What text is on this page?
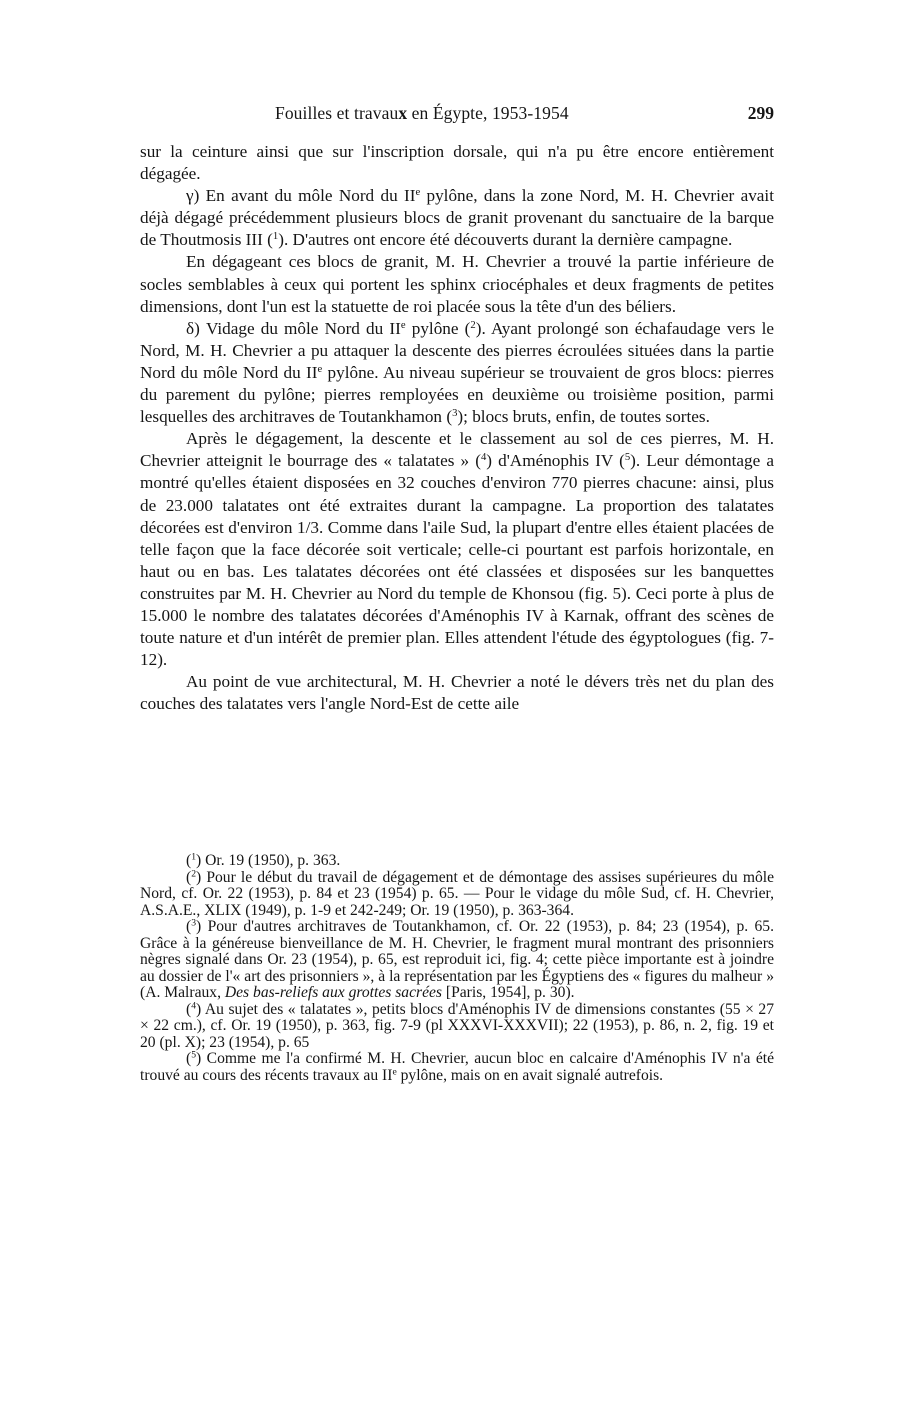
Fouilles et travaux en Égypte, 1953-1954	299

sur la ceinture ainsi que sur l'inscription dorsale, qui n'a pu être encore entièrement dégagée.

γ) En avant du môle Nord du IIe pylône, dans la zone Nord, M. H. Chevrier avait déjà dégagé précédemment plusieurs blocs de granit provenant du sanctuaire de la barque de Thoutmosis III ($^1$). D'autres ont encore été découverts durant la dernière campagne.

En dégageant ces blocs de granit, M. H. Chevrier a trouvé la partie inférieure de socles semblables à ceux qui portent les sphinx criocéphales et deux fragments de petites dimensions, dont l'un est la statuette de roi placée sous la tête d'un des béliers.

δ) Vidage du môle Nord du IIe pylône ($^2$). Ayant prolongé son échafaudage vers le Nord, M. H. Chevrier a pu attaquer la descente des pierres écroulées situées dans la partie Nord du môle Nord du IIe pylône. Au niveau supérieur se trouvaient de gros blocs: pierres du parement du pylône; pierres remployées en deuxième ou troisième position, parmi lesquelles des architraves de Toutankhamon ($^3$); blocs bruts, enfin, de toutes sortes.

Après le dégagement, la descente et le classement au sol de ces pierres, M. H. Chevrier atteignit le bourrage des « talatates » ($^4$) d'Aménophis IV ($^5$). Leur démontage a montré qu'elles étaient disposées en 32 couches d'environ 770 pierres chacune: ainsi, plus de 23.000 talatates ont été extraites durant la campagne. La proportion des talatates décorées est d'environ 1/3. Comme dans l'aile Sud, la plupart d'entre elles étaient placées de telle façon que la face décorée soit verticale; celle-ci pourtant est parfois horizontale, en haut ou en bas. Les talatates décorées ont été classées et disposées sur les banquettes construites par M. H. Chevrier au Nord du temple de Khonsou (fig. 5). Ceci porte à plus de 15.000 le nombre des talatates décorées d'Aménophis IV à Karnak, offrant des scènes de toute nature et d'un intérêt de premier plan. Elles attendent l'étude des égyptologues (fig. 7-12).

Au point de vue architectural, M. H. Chevrier a noté le dévers très net du plan des couches des talatates vers l'angle Nord-Est de cette aile

($^1$) Or. 19 (1950), p. 363.

($^2$) Pour le début du travail de dégagement et de démontage des assises supérieures du môle Nord, cf. Or. 22 (1953), p. 84 et 23 (1954) p. 65. — Pour le vidage du môle Sud, cf. H. Chevrier, A.S.A.E., XLIX (1949), p. 1-9 et 242-249; Or. 19 (1950), p. 363-364.

($^3$) Pour d'autres architraves de Toutankhamon, cf. Or. 22 (1953), p. 84; 23 (1954), p. 65. Grâce à la généreuse bienveillance de M. H. Chevrier, le fragment mural montrant des prisonniers nègres signalé dans Or. 23 (1954), p. 65, est reproduit ici, fig. 4; cette pièce importante est à joindre au dossier de l'« art des prisonniers », à la représentation par les Égyptiens des « figures du malheur » (A. Malraux, Des bas-reliefs aux grottes sacrées [Paris, 1954], p. 30).

($^4$) Au sujet des « talatates », petits blocs d'Aménophis IV de dimensions constantes (55 × 27 × 22 cm.), cf. Or. 19 (1950), p. 363, fig. 7-9 (pl XXXVI-XXXVII); 22 (1953), p. 86, n. 2, fig. 19 et 20 (pl. X); 23 (1954), p. 65

($^5$) Comme me l'a confirmé M. H. Chevrier, aucun bloc en calcaire d'Aménophis IV n'a été trouvé au cours des récents travaux au IIe pylône, mais on en avait signalé autrefois.
